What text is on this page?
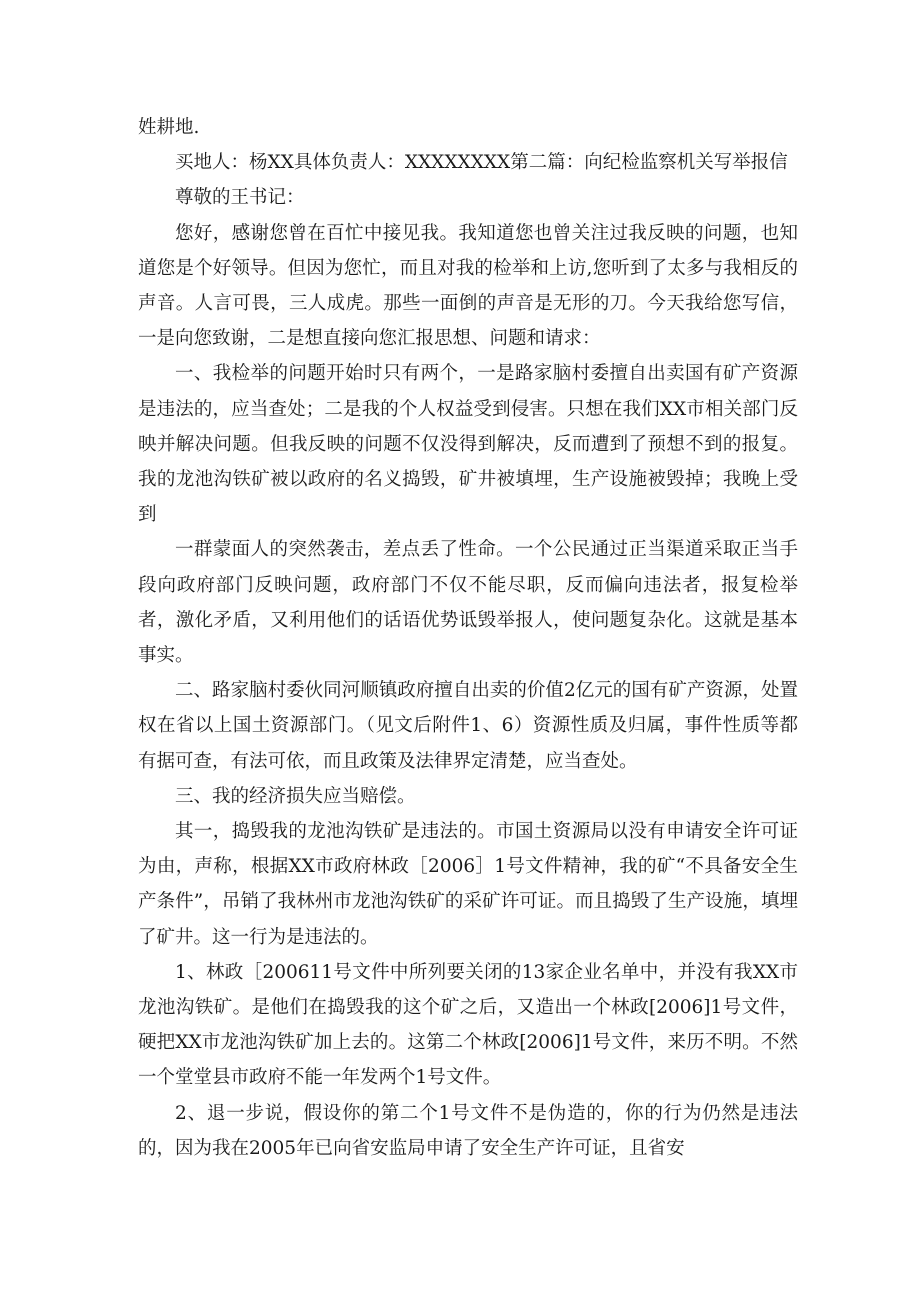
姓耕地.

买地人：杨XX具体负责人：XXXXXXXX第二篇：向纪检监察机关写举报信

尊敬的王书记：

您好，感谢您曾在百忙中接见我。我知道您也曾关注过我反映的问题，也知道您是个好领导。但因为您忙，而且对我的检举和上访,您听到了太多与我相反的声音。人言可畏，三人成虎。那些一面倒的声音是无形的刀。今天我给您写信，一是向您致谢，二是想直接向您汇报思想、问题和请求：

一、我检举的问题开始时只有两个，一是路家脑村委擅自出卖国有矿产资源是违法的，应当查处；二是我的个人权益受到侵害。只想在我们XX市相关部门反映并解决问题。但我反映的问题不仅没得到解决，反而遭到了预想不到的报复。我的龙池沟铁矿被以政府的名义捣毁，矿井被填埋，生产设施被毁掉；我晚上受到

一群蒙面人的突然袭击，差点丢了性命。一个公民通过正当渠道采取正当手段向政府部门反映问题，政府部门不仅不能尽职，反而偏向违法者，报复检举者，激化矛盾，又利用他们的话语优势诋毁举报人，使问题复杂化。这就是基本事实。

二、路家脑村委伙同河顺镇政府擅自出卖的价值2亿元的国有矿产资源，处置权在省以上国土资源部门。（见文后附件1、6）资源性质及归属，事件性质等都有据可查，有法可依，而且政策及法律界定清楚，应当查处。

三、我的经济损失应当赔偿。

其一，捣毁我的龙池沟铁矿是违法的。市国土资源局以没有申请安全许可证为由，声称，根据XX市政府林政［2006］1号文件精神，我的矿“不具备安全生产条件”，吊销了我林州市龙池沟铁矿的采矿许可证。而且捣毁了生产设施，填埋了矿井。这一行为是违法的。

1、林政［200611号文件中所列要关闭的13家企业名单中，并没有我XX市龙池沟铁矿。是他们在捣毁我的这个矿之后，又造出一个林政[2006]1号文件，硬把XX市龙池沟铁矿加上去的。这第二个林政[2006]1号文件，来历不明。不然一个堂堂县市政府不能一年发两个1号文件。

2、退一步说，假设你的第二个1号文件不是伪造的，你的行为仍然是违法的，因为我在2005年已向省安监局申请了安全生产许可证，且省安
